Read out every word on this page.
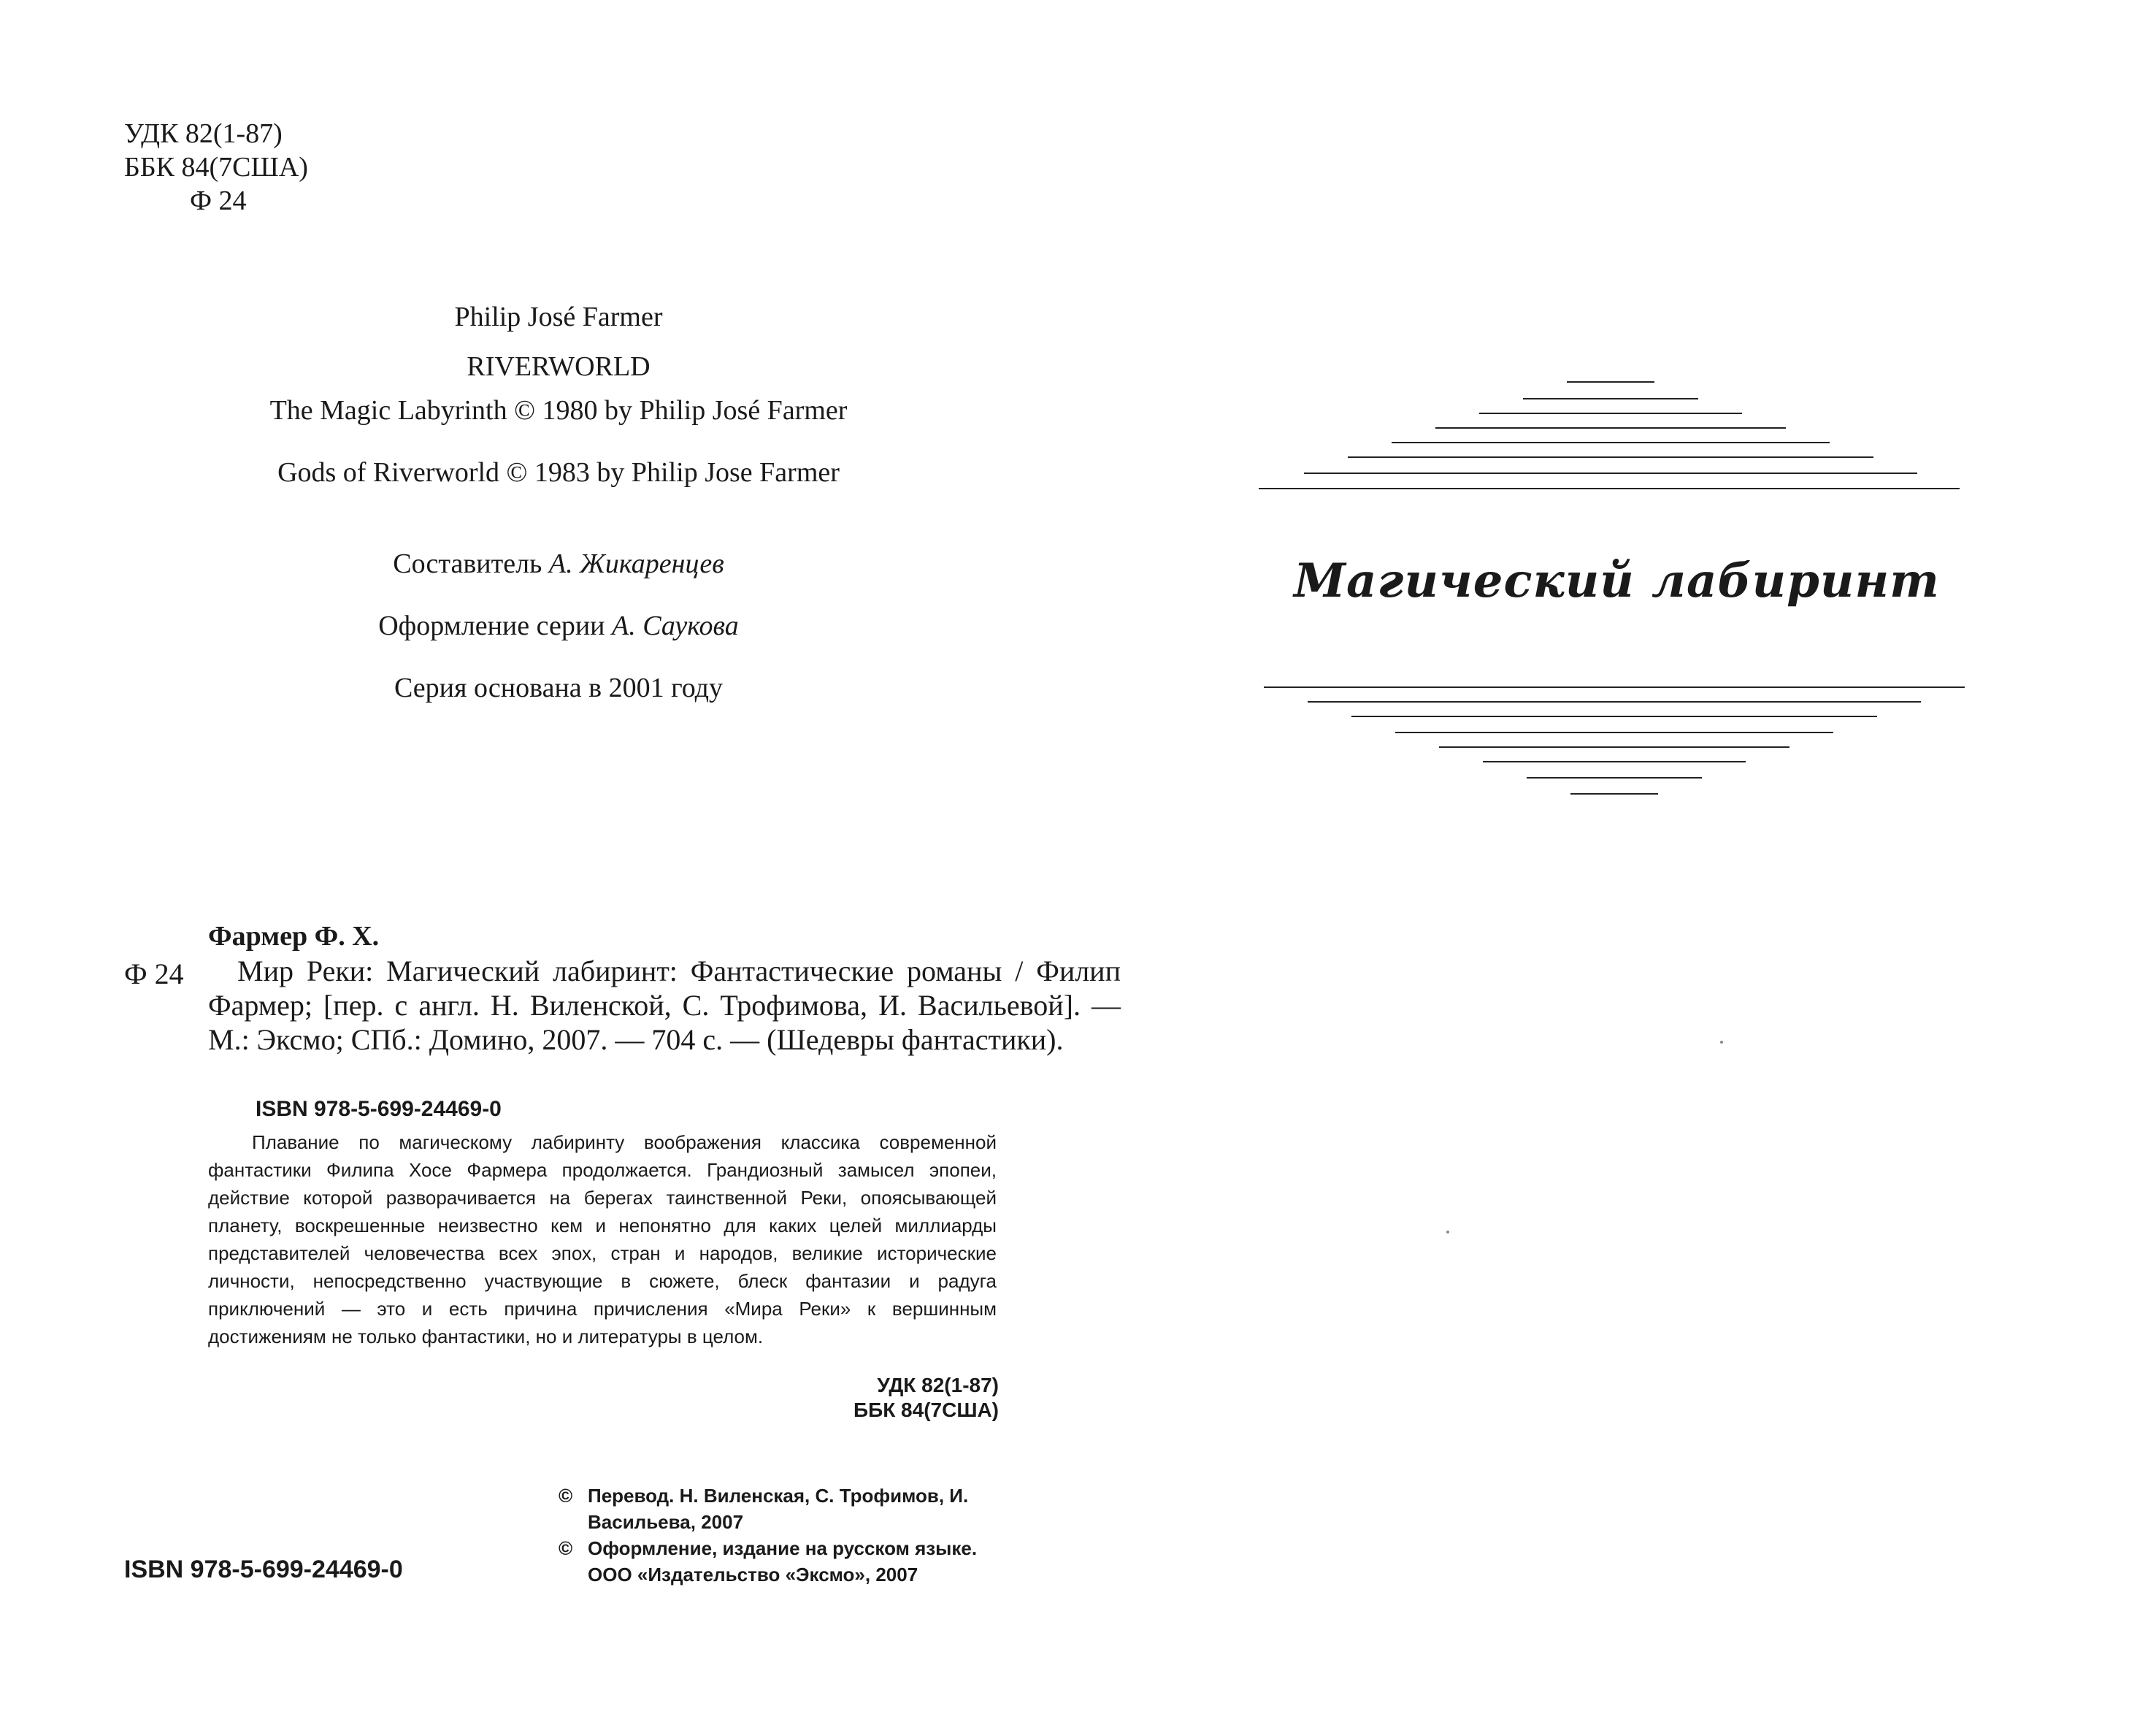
УДК 82(1-87)
ББК 84(7США)
Ф 24
Philip José Farmer
RIVERWORLD
The Magic Labyrinth © 1980 by Philip José Farmer
Gods of Riverworld © 1983 by Philip Jose Farmer
Составитель А. Жикаренцев
Оформление серии А. Саукова
Серия основана в 2001 году
Фармер Ф. Х.
Ф 24	Мир Реки: Магический лабиринт: Фантастические романы / Филип Фармер; [пер. с англ. Н. Виленской, С. Трофимова, И. Васильевой]. — М.: Эксмо; СПб.: Домино, 2007. — 704 с. — (Шедевры фантастики).
ISBN 978-5-699-24469-0
Плавание по магическому лабиринту воображения классика современной фантастики Филипа Хосе Фармера продолжается. Грандиозный замысел эпопеи, действие которой разворачивается на берегах таинственной Реки, опоясывающей планету, воскрешенные неизвестно кем и непонятно для каких целей миллиарды представителей человечества всех эпох, стран и народов, великие исторические личности, непосредственно участвующие в сюжете, блеск фантазии и радуга приключений — это и есть причина причисления «Мира Реки» к вершинным достижениям не только фантастики, но и литературы в целом.
УДК 82(1-87)
ББК 84(7США)
© Перевод. Н. Виленская, С. Трофимов, И. Васильева, 2007
© Оформление, издание на русском языке. ООО «Издательство «Эксмо», 2007
ISBN 978-5-699-24469-0
Магический лабиринт
